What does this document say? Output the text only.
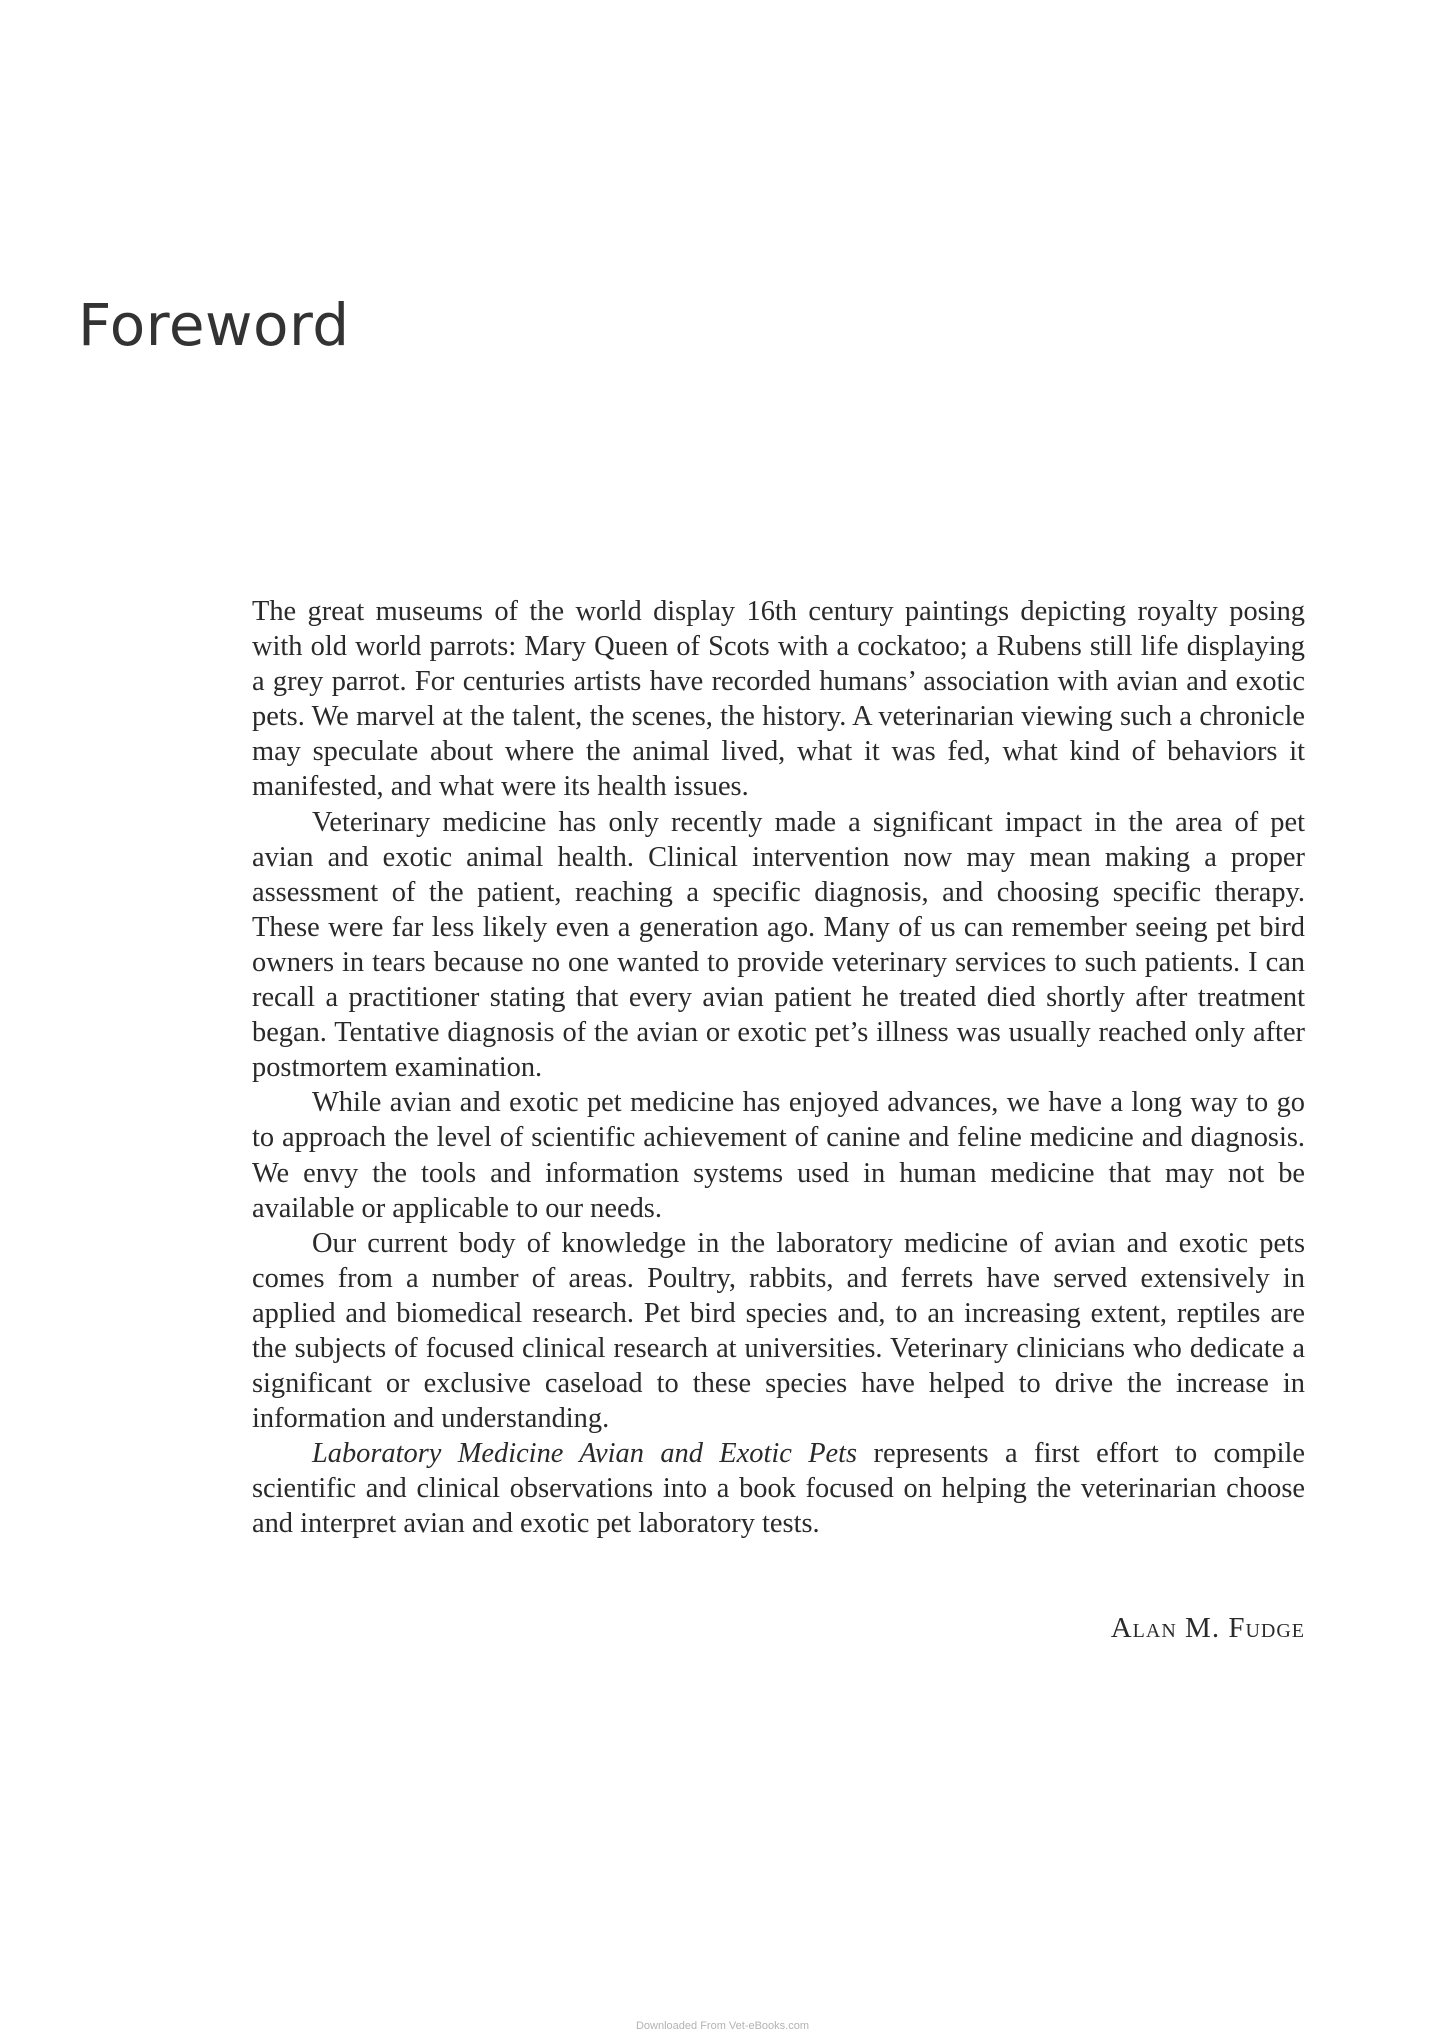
Foreword

The great museums of the world display 16th century paintings depicting royalty posing with old world parrots: Mary Queen of Scots with a cockatoo; a Rubens still life displaying a grey parrot. For centuries artists have recorded humans’ association with avian and exotic pets. We marvel at the talent, the scenes, the history. A veterinarian viewing such a chronicle may speculate about where the animal lived, what it was fed, what kind of behaviors it manifested, and what were its health issues.

Veterinary medicine has only recently made a significant impact in the area of pet avian and exotic animal health. Clinical intervention now may mean making a proper assessment of the patient, reaching a specific diagnosis, and choosing specific therapy. These were far less likely even a generation ago. Many of us can remember seeing pet bird owners in tears because no one wanted to provide veterinary services to such patients. I can recall a practitioner stating that every avian patient he treated died shortly after treatment began. Tentative diagnosis of the avian or exotic pet’s illness was usually reached only after postmortem examination.

While avian and exotic pet medicine has enjoyed advances, we have a long way to go to approach the level of scientific achievement of canine and feline medicine and diagnosis. We envy the tools and information systems used in human medicine that may not be available or applicable to our needs.

Our current body of knowledge in the laboratory medicine of avian and exotic pets comes from a number of areas. Poultry, rabbits, and ferrets have served extensively in applied and biomedical research. Pet bird species and, to an increasing extent, reptiles are the subjects of focused clinical research at universities. Veterinary clinicians who dedicate a significant or exclusive caseload to these species have helped to drive the increase in information and understanding.

Laboratory Medicine Avian and Exotic Pets represents a first effort to compile scientific and clinical observations into a book focused on helping the veterinarian choose and interpret avian and exotic pet laboratory tests.

Alan M. Fudge
Downloaded From Vet-eBooks.com
